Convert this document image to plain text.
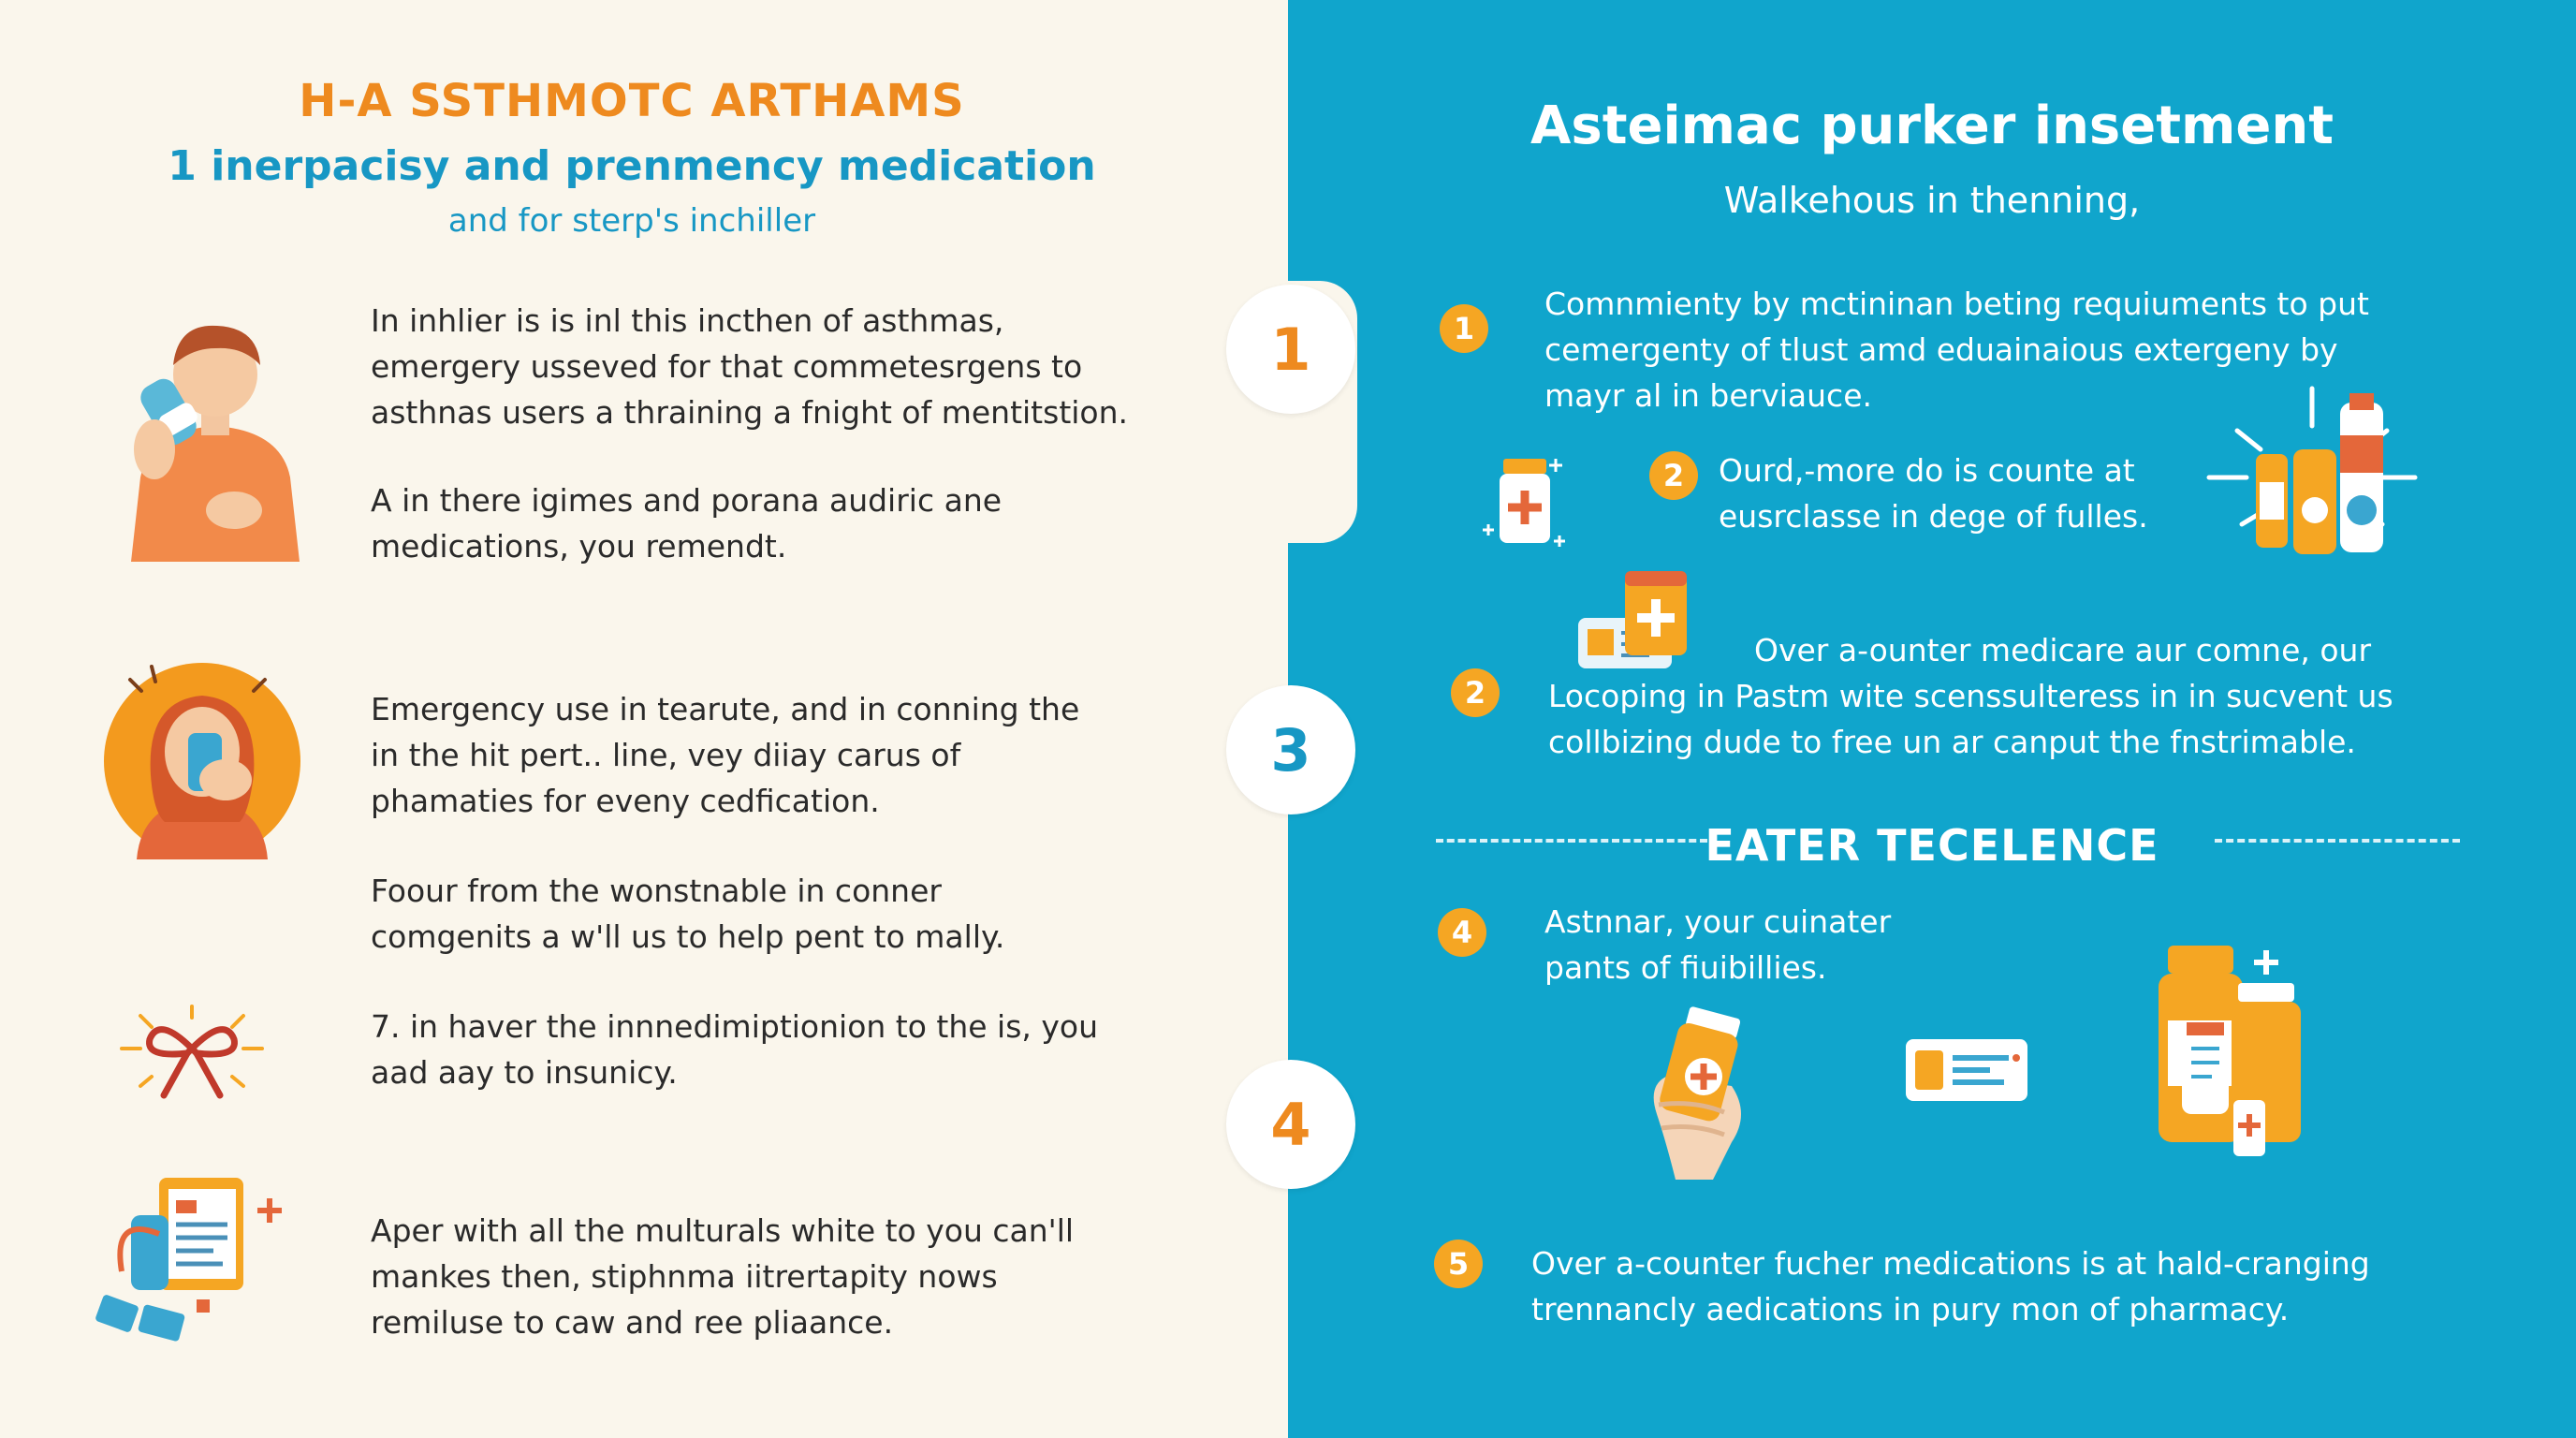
H-A SSTHMOTC ARTHAMS
1 inerpacisy and prenmency medication
and for sterp's inchiller
In inhlier is is inl this incthen of asthmas,
emergery usseved for that commetesrgens to
asthnas users a thraining a fnight of mentitstion.
A in there igimes and porana audiric ane
medications, you remendt.
Emergency use in tearute, and in conning the
in the hit pert.. line, vey diiay carus of
phamaties for eveny cedfication.
Foour from the wonstnable in conner
comgenits a w'll us to help pent to mally.
7. in haver the innnedimiptionion to the is, you
aad aay to insunicy.
Aper with all the multurals white to you can'll
mankes then, stiphnma iitrertapity nows
remiluse to caw and ree pliaance.
1
3
4
Asteimac purker insetment
Walkehous in thenning,
1
Comnmienty by mctininan beting requiuments to put
cemergenty of tlust amd eduainaious extergeny by
mayr al in berviauce.
2	Ourd,-more do is counte at
eusrclasse in dege of fulles.
2
Over a-ounter medicare aur comne, our
Locoping in Pastm wite scenssulteress in in sucvent us
collbizing dude to free un ar canput the fnstrimable.
EATER TECELENCE
4	Astnnar, your cuinater
pants of fiuibillies.
5	Over a-counter fucher medications is at hald-cranging
trennancly aedications in pury mon of pharmacy.
